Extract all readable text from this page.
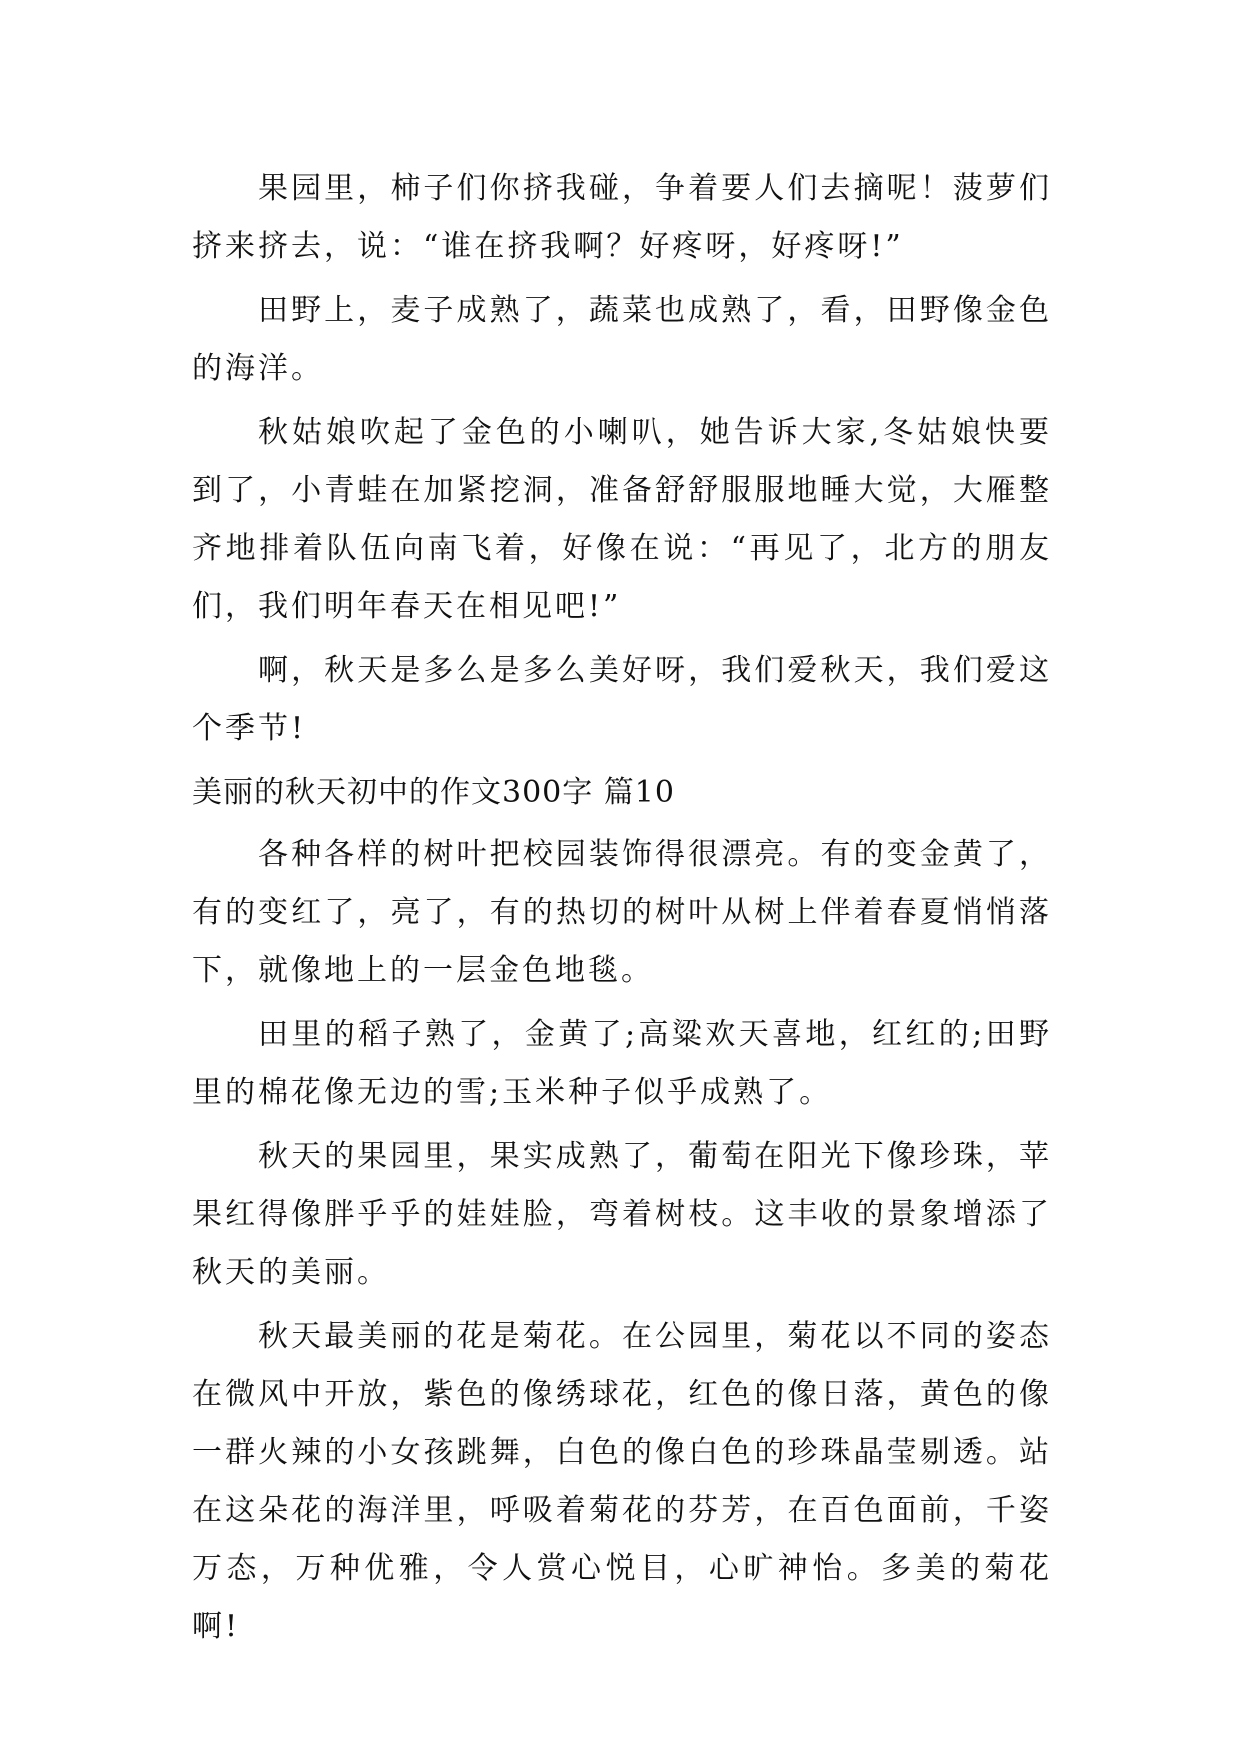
果园里，柿子们你挤我碰，争着要人们去摘呢！菠萝们挤来挤去，说：“谁在挤我啊？好疼呀，好疼呀!”

田野上，麦子成熟了，蔬菜也成熟了，看，田野像金色的海洋。

秋姑娘吹起了金色的小喇叭，她告诉大家,冬姑娘快要到了，小青蛙在加紧挖洞，准备舒舒服服地睡大觉，大雁整齐地排着队伍向南飞着，好像在说：“再见了，北方的朋友们，我们明年春天在相见吧!”

啊，秋天是多么是多么美好呀，我们爱秋天，我们爱这个季节!

美丽的秋天初中的作文300字 篇10

各种各样的树叶把校园装饰得很漂亮。有的变金黄了，有的变红了，亮了，有的热切的树叶从树上伴着春夏悄悄落下，就像地上的一层金色地毯。

田里的稻子熟了，金黄了;高粱欢天喜地，红红的;田野里的棉花像无边的雪;玉米种子似乎成熟了。

秋天的果园里，果实成熟了，葡萄在阳光下像珍珠，苹果红得像胖乎乎的娃娃脸，弯着树枝。这丰收的景象增添了秋天的美丽。

秋天最美丽的花是菊花。在公园里，菊花以不同的姿态在微风中开放，紫色的像绣球花，红色的像日落，黄色的像一群火辣的小女孩跳舞，白色的像白色的珍珠晶莹剔透。站在这朵花的海洋里，呼吸着菊花的芬芳，在百色面前，千姿万态，万种优雅，令人赏心悦目，心旷神怡。多美的菊花啊!
